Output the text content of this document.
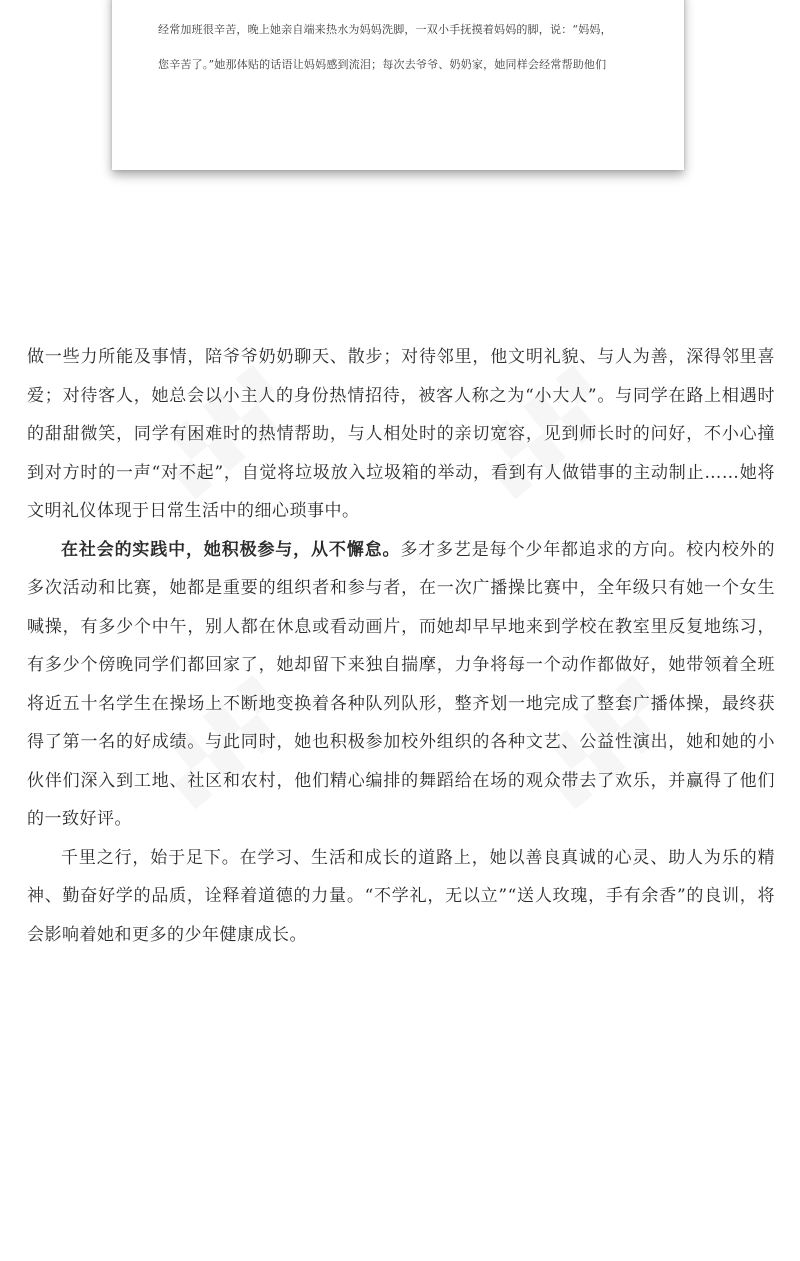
经常加班很辛苦，晚上她亲自端来热水为妈妈洗脚，一双小手抚摸着妈妈的脚，说：“妈妈，
您辛苦了。”她那体贴的话语让妈妈感到流泪；每次去爷爷、奶奶家，她同样会经常帮助他们

▞▞▞	▞▞▞
▞▞▞	▞▞▞

做一些力所能及事情，陪爷爷奶奶聊天、散步；对待邻里，他文明礼貌、与人为善，深得邻里喜爱；对待客人，她总会以小主人的身份热情招待，被客人称之为“小大人”。与同学在路上相遇时的甜甜微笑，同学有困难时的热情帮助，与人相处时的亲切宽容，见到师长时的问好，不小心撞到对方时的一声“对不起”，自觉将垃圾放入垃圾箱的举动，看到有人做错事的主动制止……她将文明礼仪体现于日常生活中的细心琐事中。

在社会的实践中，她积极参与，从不懈怠。多才多艺是每个少年都追求的方向。校内校外的多次活动和比赛，她都是重要的组织者和参与者，在一次广播操比赛中，全年级只有她一个女生喊操，有多少个中午，别人都在休息或看动画片，而她却早早地来到学校在教室里反复地练习，有多少个傍晚同学们都回家了，她却留下来独自揣摩，力争将每一个动作都做好，她带领着全班将近五十名学生在操场上不断地变换着各种队列队形，整齐划一地完成了整套广播体操，最终获得了第一名的好成绩。与此同时，她也积极参加校外组织的各种文艺、公益性演出，她和她的小伙伴们深入到工地、社区和农村，他们精心编排的舞蹈给在场的观众带去了欢乐，并赢得了他们的一致好评。

千里之行，始于足下。在学习、生活和成长的道路上，她以善良真诚的心灵、助人为乐的精神、勤奋好学的品质，诠释着道德的力量。“不学礼，无以立”“送人玫瑰，手有余香”的良训，将会影响着她和更多的少年健康成长。
